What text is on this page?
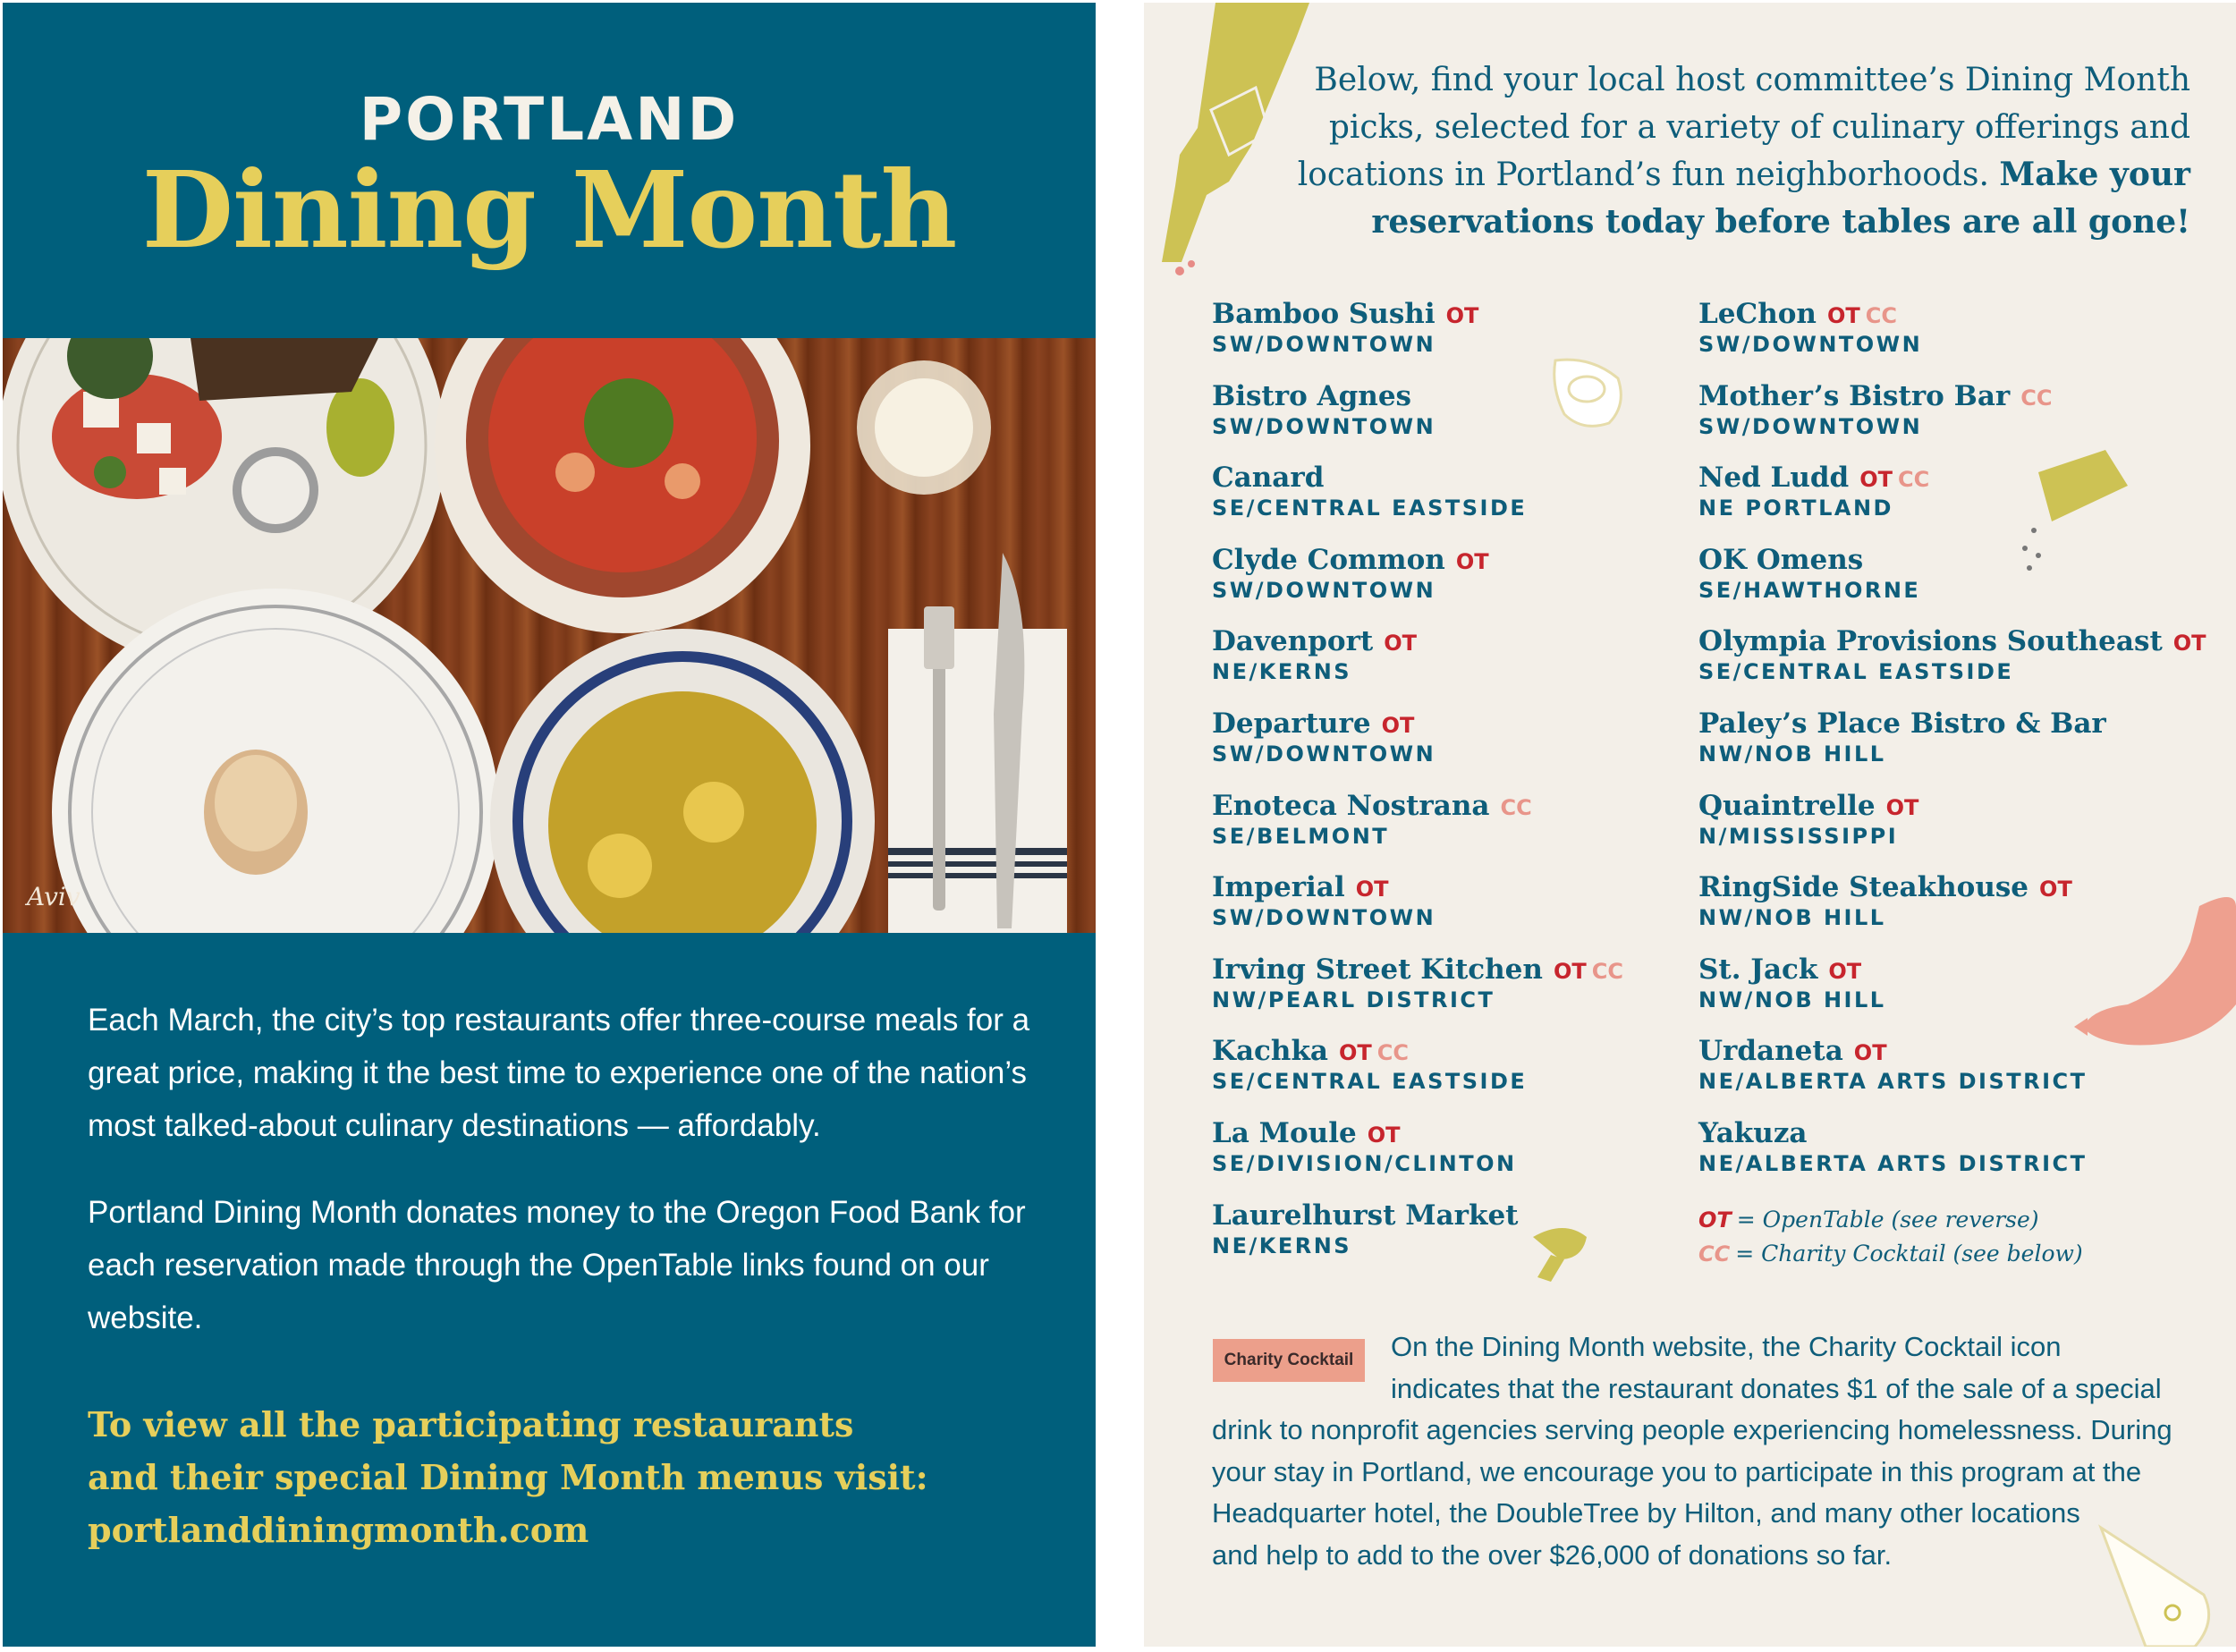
PORTLAND
Dining Month
Aviv
Each March, the city’s top restaurants offer three-course meals for a great price, making it the best time to experience one of the nation’s most talked-about culinary destinations — affordably.
Portland Dining Month donates money to the Oregon Food Bank for each reservation made through the OpenTable links found on our website.
To view all the participating restaurants
and their special Dining Month menus visit:
portlanddiningmonth.com
Below, find your local host committee’s Dining Month
picks, selected for a variety of culinary offerings and
locations in Portland’s fun neighborhoods. Make your
reservations today before tables are all gone!
Bamboo Sushi OT
SW/DOWNTOWN
Bistro Agnes
SW/DOWNTOWN
Canard
SE/CENTRAL EASTSIDE
Clyde Common OT
SW/DOWNTOWN
Davenport OT
NE/KERNS
Departure OT
SW/DOWNTOWN
Enoteca Nostrana CC
SE/BELMONT
Imperial OT
SW/DOWNTOWN
Irving Street Kitchen OT CC
NW/PEARL DISTRICT
Kachka OT CC
SE/CENTRAL EASTSIDE
La Moule OT
SE/DIVISION/CLINTON
Laurelhurst Market
NE/KERNS
LeChon OT CC
SW/DOWNTOWN
Mother’s Bistro Bar CC
SW/DOWNTOWN
Ned Ludd OT CC
NE PORTLAND
OK Omens
SE/HAWTHORNE
Olympia Provisions Southeast OT
SE/CENTRAL EASTSIDE
Paley’s Place Bistro & Bar
NW/NOB HILL
Quaintrelle OT
N/MISSISSIPPI
RingSide Steakhouse OT
NW/NOB HILL
St. Jack OT
NW/NOB HILL
Urdaneta OT
NE/ALBERTA ARTS DISTRICT
Yakuza
NE/ALBERTA ARTS DISTRICT
OT = OpenTable (see reverse)
CC = Charity Cocktail (see below)
Charity Cocktail	On the Dining Month website, the Charity Cocktail icon
indicates that the restaurant donates $1 of the sale of a special
drink to nonprofit agencies serving people experiencing homelessness. During
your stay in Portland, we encourage you to participate in this program at the
Headquarter hotel, the DoubleTree by Hilton, and many other locations
and help to add to the over $26,000 of donations so far.
